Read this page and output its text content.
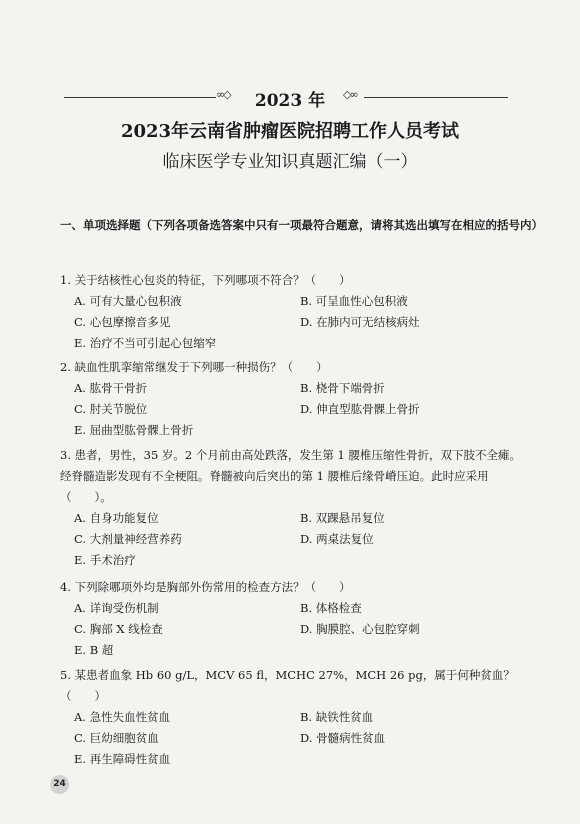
∞◇	2023 年	◇∞
2023年云南省肿瘤医院招聘工作人员考试
临床医学专业知识真题汇编（一）
一、单项选择题（下列各项备选答案中只有一项最符合题意，请将其选出填写在相应的括号内）

1. 关于结核性心包炎的特征，下列哪项不符合？（　　）

A. 可有大量心包积液	B. 可呈血性心包积液
C. 心包摩擦音多见	D. 在肺内可无结核病灶
E. 治疗不当可引起心包缩窄

2. 缺血性肌挛缩常继发于下列哪一种损伤？（　　）

A. 肱骨干骨折	B. 桡骨下端骨折
C. 肘关节脱位	D. 伸直型肱骨髁上骨折
E. 屈曲型肱骨髁上骨折

3. 患者，男性，35 岁。2 个月前由高处跌落，发生第 1 腰椎压缩性骨折，双下肢不全瘫。经脊髓造影发现有不全梗阻。脊髓被向后突出的第 1 腰椎后缘骨嵴压迫。此时应采用（　　）。

A. 自身功能复位	B. 双踝悬吊复位
C. 大剂量神经营养药	D. 两桌法复位
E. 手术治疗

4. 下列除哪项外均是胸部外伤常用的检查方法？（　　）

A. 详询受伤机制	B. 体格检查
C. 胸部 X 线检查	D. 胸膜腔、心包腔穿刺
E. B 超

5. 某患者血象 Hb 60 g/L，MCV 65 fl，MCHC 27%，MCH 26 pg，属于何种贫血？（　　）

A. 急性失血性贫血	B. 缺铁性贫血
C. 巨幼细胞贫血	D. 骨髓病性贫血
E. 再生障碍性贫血
24
